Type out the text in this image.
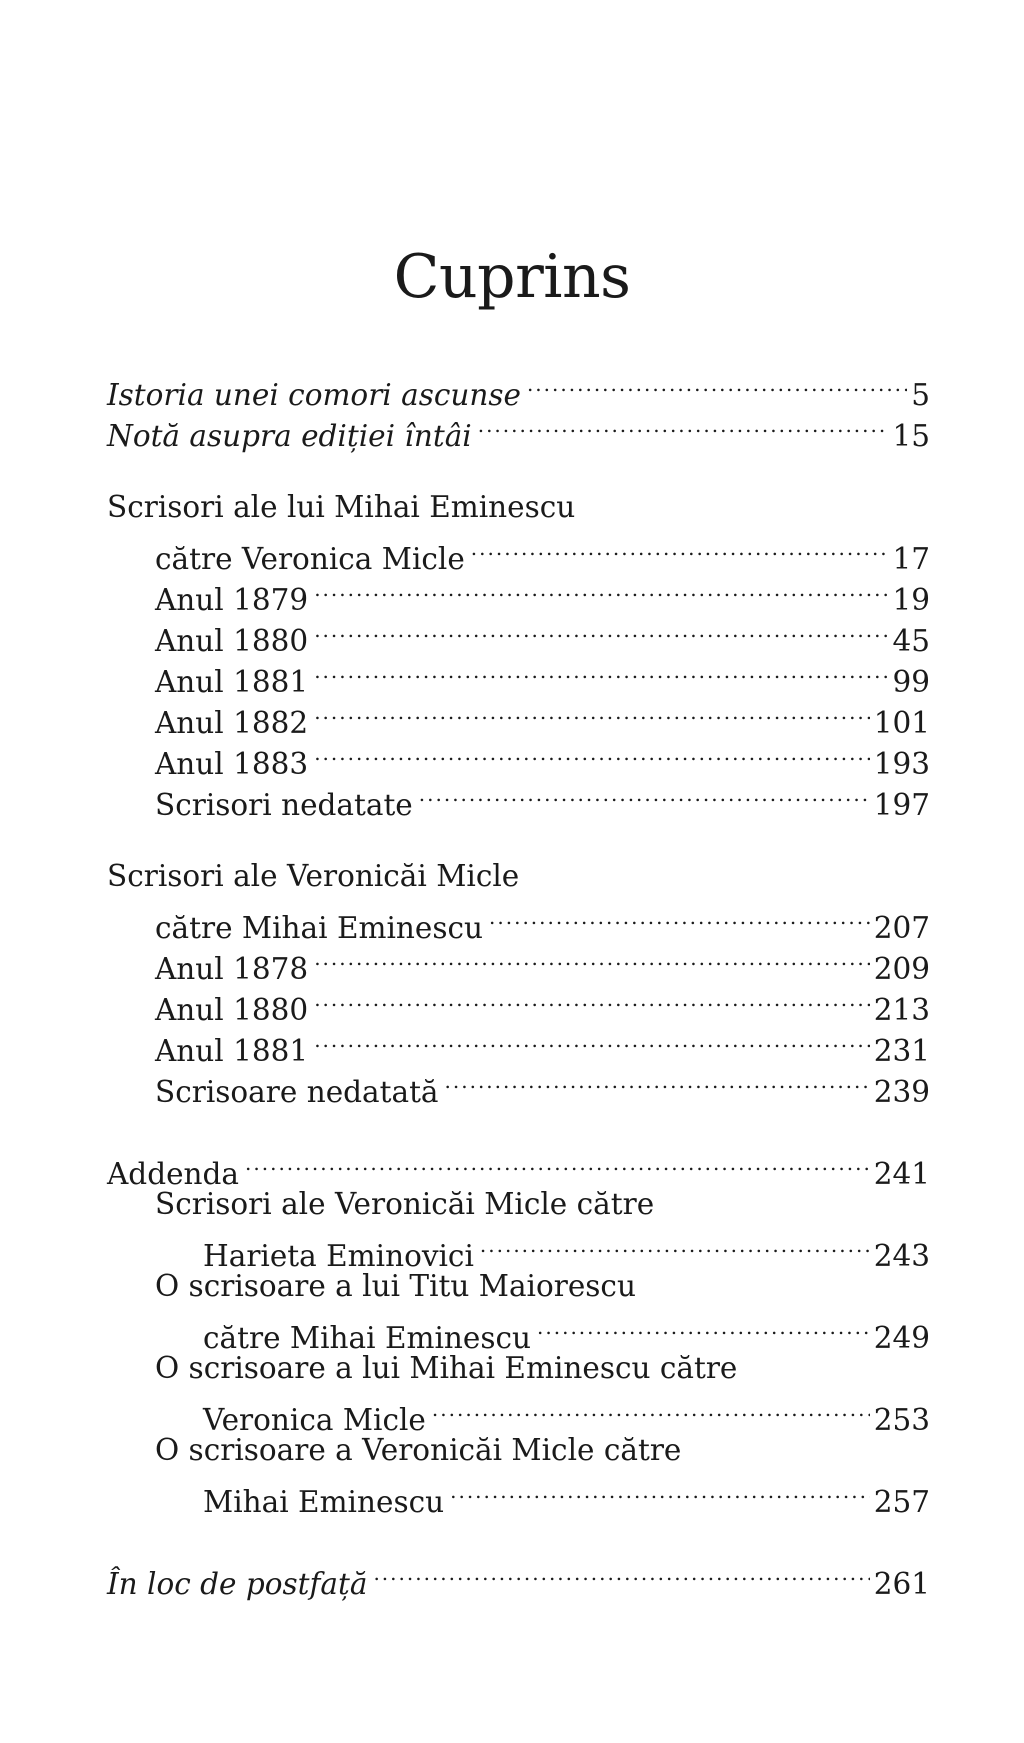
Cuprins
Istoria unei comori ascunse .....	5
Notă asupra ediției întâi .....	15
Scrisori ale lui Mihai Eminescu
către Veronica Micle .....	17
Anul 1879 .....	19
Anul 1880 .....	45
Anul 1881 .....	99
Anul 1882 .....	101
Anul 1883 .....	193
Scrisori nedatate .....	197
Scrisori ale Veronicăi Micle
către Mihai Eminescu .....	207
Anul 1878 .....	209
Anul 1880 .....	213
Anul 1881 .....	231
Scrisoare nedatată .....	239
Addenda .....	241
Scrisori ale Veronicăi Micle către
Harieta Eminovici .....	243
O scrisoare a lui Titu Maiorescu
către Mihai Eminescu .....	249
O scrisoare a lui Mihai Eminescu către
Veronica Micle .....	253
O scrisoare a Veronicăi Micle către
Mihai Eminescu .....	257
În loc de postfață .....	261
